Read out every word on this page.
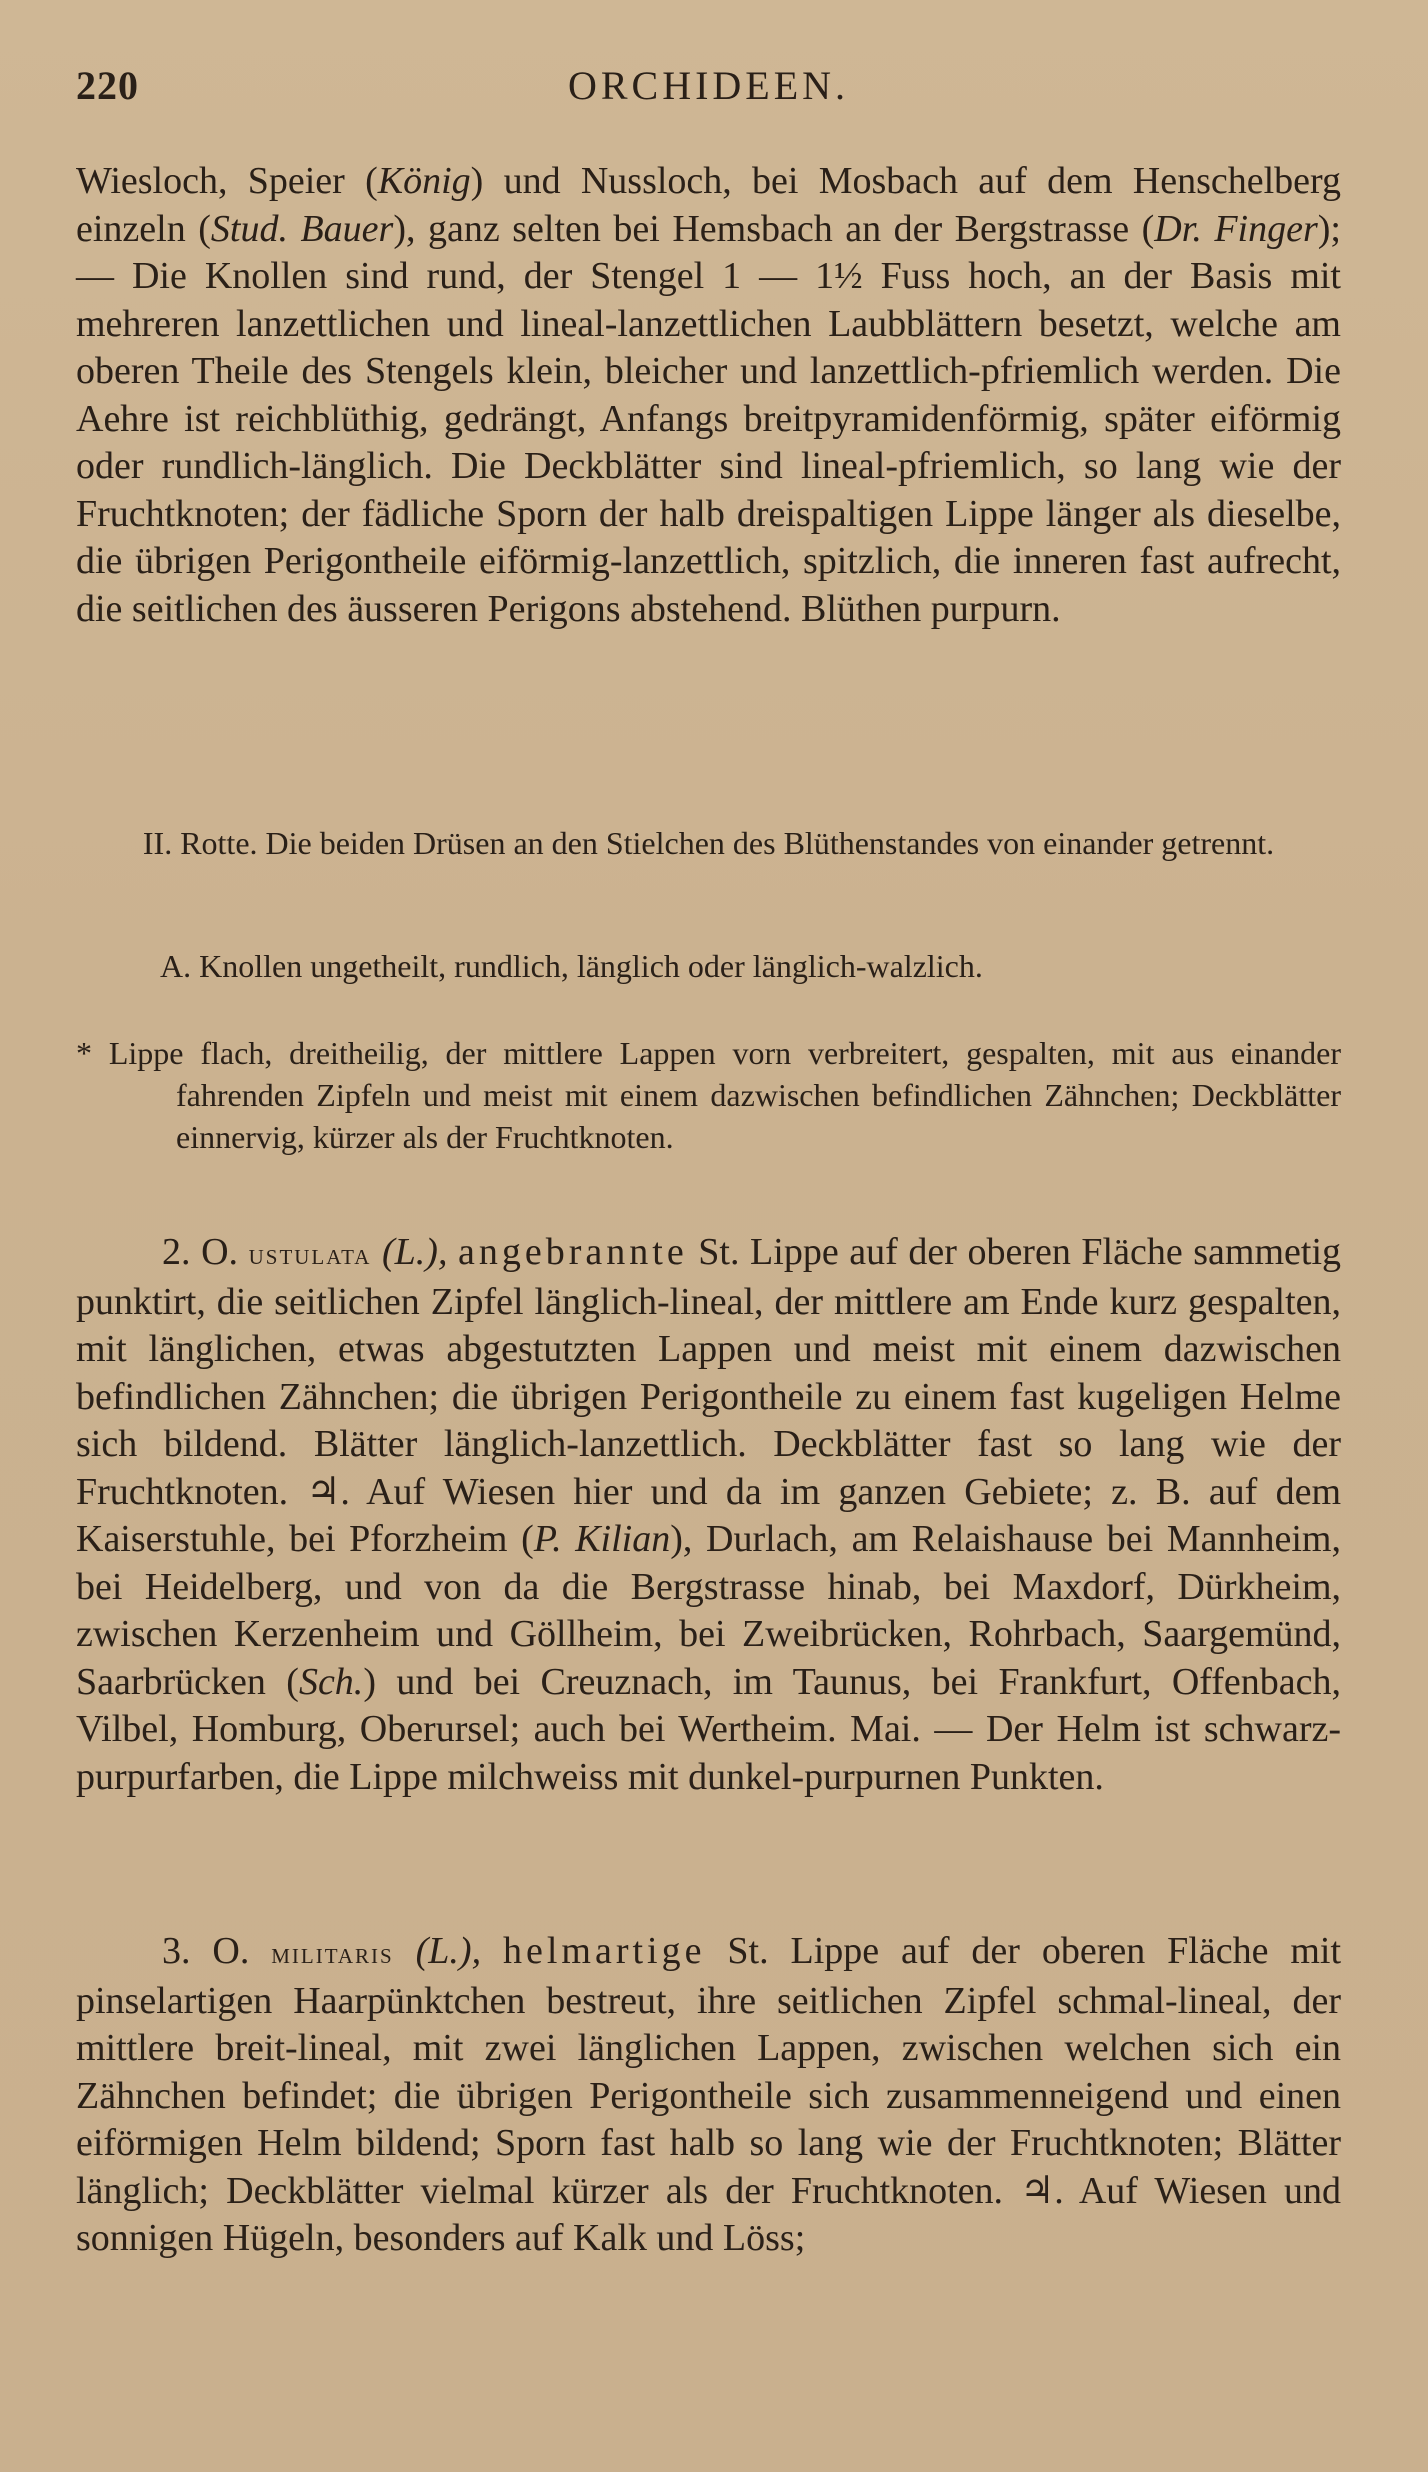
220	ORCHIDEEN.

Wiesloch, Speier (König) und Nussloch, bei Mosbach auf dem Henschelberg einzeln (Stud. Bauer), ganz selten bei Hemsbach an der Bergstrasse (Dr. Finger); — Die Knollen sind rund, der Stengel 1 — 1½ Fuss hoch, an der Basis mit mehreren lanzettlichen und lineal-lanzettlichen Laubblättern besetzt, welche am oberen Theile des Stengels klein, bleicher und lanzettlich-pfriemlich werden. Die Aehre ist reichblüthig, gedrängt, Anfangs breitpyramidenförmig, später eiförmig oder rundlich-länglich. Die Deckblätter sind lineal-pfriemlich, so lang wie der Fruchtknoten; der fädliche Sporn der halb dreispaltigen Lippe länger als dieselbe, die übrigen Perigontheile eiförmig-lanzettlich, spitzlich, die inneren fast aufrecht, die seitlichen des äusseren Perigons abstehend. Blüthen purpurn.

II. Rotte. Die beiden Drüsen an den Stielchen des Blüthenstandes von einander getrennt.

A. Knollen ungetheilt, rundlich, länglich oder länglich-walzlich.

* Lippe flach, dreitheilig, der mittlere Lappen vorn verbreitert, gespalten, mit aus einander fahrenden Zipfeln und meist mit einem dazwischen befindlichen Zähnchen; Deckblätter einnervig, kürzer als der Fruchtknoten.

2. O. ustulata (L.), angebrannte St. Lippe auf der oberen Fläche sammetig punktirt, die seitlichen Zipfel länglich-lineal, der mittlere am Ende kurz gespalten, mit länglichen, etwas abgestutzten Lappen und meist mit einem dazwischen befindlichen Zähnchen; die übrigen Perigontheile zu einem fast kugeligen Helme sich bildend. Blätter länglich-lanzettlich. Deckblätter fast so lang wie der Fruchtknoten. ♃. Auf Wiesen hier und da im ganzen Gebiete; z. B. auf dem Kaiserstuhle, bei Pforzheim (P. Kilian), Durlach, am Relaishause bei Mannheim, bei Heidelberg, und von da die Bergstrasse hinab, bei Maxdorf, Dürkheim, zwischen Kerzenheim und Göllheim, bei Zweibrücken, Rohrbach, Saargemünd, Saarbrücken (Sch.) und bei Creuznach, im Taunus, bei Frankfurt, Offenbach, Vilbel, Homburg, Oberursel; auch bei Wertheim. Mai. — Der Helm ist schwarz-purpurfarben, die Lippe milchweiss mit dunkel-purpurnen Punkten.

3. O. militaris (L.), helmartige St. Lippe auf der oberen Fläche mit pinselartigen Haarpünktchen bestreut, ihre seitlichen Zipfel schmal-lineal, der mittlere breit-lineal, mit zwei länglichen Lappen, zwischen welchen sich ein Zähnchen befindet; die übrigen Perigontheile sich zusammenneigend und einen eiförmigen Helm bildend; Sporn fast halb so lang wie der Fruchtknoten; Blätter länglich; Deckblätter vielmal kürzer als der Fruchtknoten. ♃. Auf Wiesen und sonnigen Hügeln, besonders auf Kalk und Löss;
